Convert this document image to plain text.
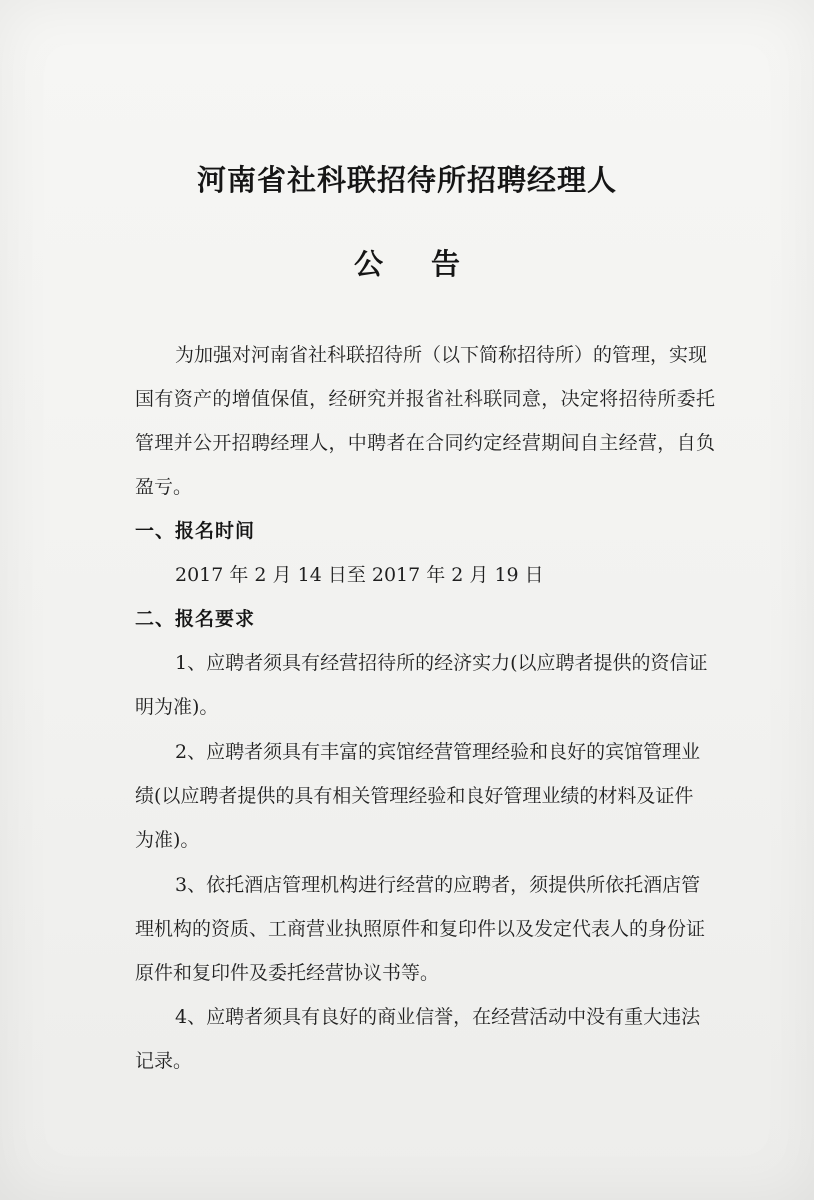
河南省社科联招待所招聘经理人
公告
为加强对河南省社科联招待所（以下简称招待所）的管理，实现
国有资产的增值保值，经研究并报省社科联同意，决定将招待所委托
管理并公开招聘经理人，中聘者在合同约定经营期间自主经营，自负
盈亏。
一、报名时间
2017 年 2 月 14 日至 2017 年 2 月 19 日
二、报名要求
1、应聘者须具有经营招待所的经济实力(以应聘者提供的资信证
明为准)。
2、应聘者须具有丰富的宾馆经营管理经验和良好的宾馆管理业
绩(以应聘者提供的具有相关管理经验和良好管理业绩的材料及证件
为准)。
3、依托酒店管理机构进行经营的应聘者，须提供所依托酒店管
理机构的资质、工商营业执照原件和复印件以及发定代表人的身份证
原件和复印件及委托经营协议书等。
4、应聘者须具有良好的商业信誉，在经营活动中没有重大违法
记录。
